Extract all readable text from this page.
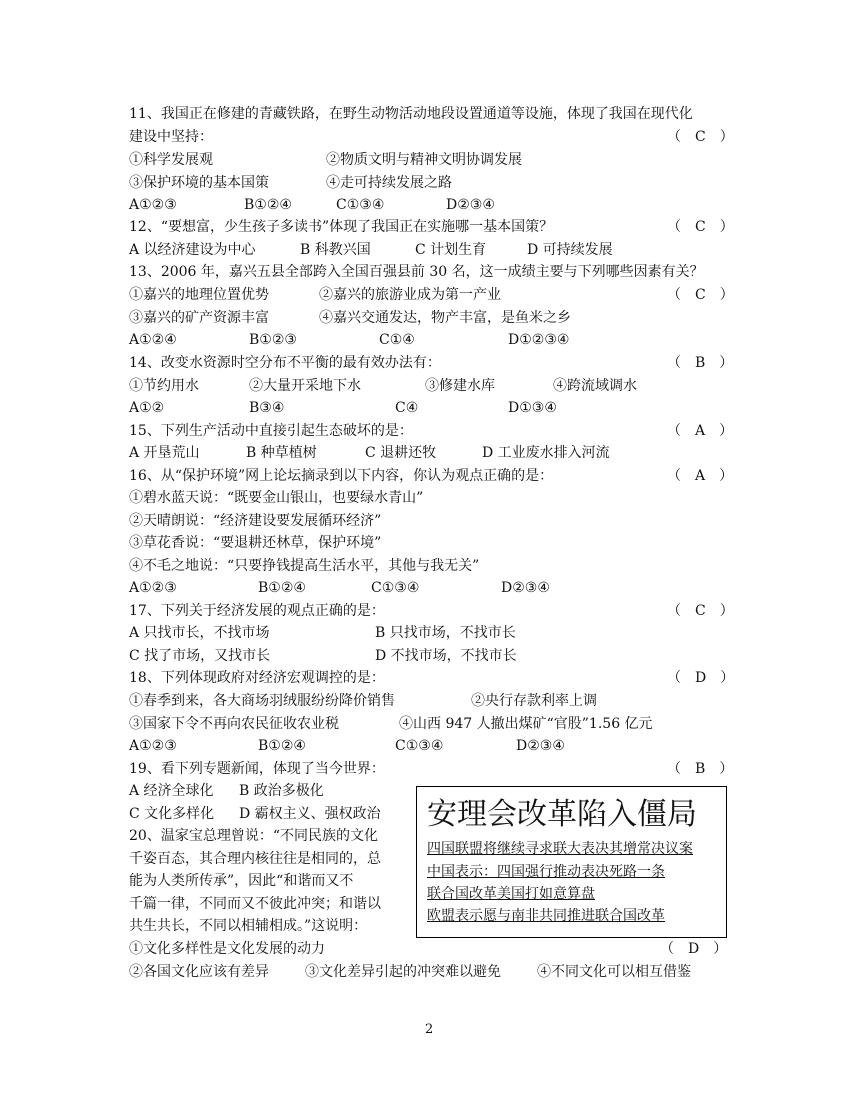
11、我国正在修建的青藏铁路，在野生动物活动地段设置通道等设施，体现了我国在现代化
建设中坚持：	（　C　）
①科学发展观	②物质文明与精神文明协调发展
③保护环境的基本国策	④走可持续发展之路
A①②③	B①②④	C①③④	D②③④
12、“要想富，少生孩子多读书”体现了我国正在实施哪一基本国策？	（　C　）
A 以经济建设为中心	B 科教兴国	C 计划生育	D 可持续发展
13、2006 年，嘉兴五县全部跨入全国百强县前 30 名，这一成绩主要与下列哪些因素有关？
①嘉兴的地理位置优势	②嘉兴的旅游业成为第一产业	（　C　）
③嘉兴的矿产资源丰富	④嘉兴交通发达，物产丰富，是鱼米之乡
A①②④	B①②③	C①④	D①②③④
14、改变水资源时空分布不平衡的最有效办法有：	（　B　）
①节约用水	②大量开采地下水	③修建水库	④跨流域调水
A①②	B③④	C④	D①③④
15、下列生产活动中直接引起生态破坏的是：	（　A　）
A 开垦荒山	B 种草植树	C 退耕还牧	D 工业废水排入河流
16、从“保护环境”网上论坛摘录到以下内容，你认为观点正确的是：	（　A　）
①碧水蓝天说：“既要金山银山，也要绿水青山”
②天晴朗说：“经济建设要发展循环经济”
③草花香说：“要退耕还林草，保护环境”
④不毛之地说：“只要挣钱提高生活水平，其他与我无关”
A①②③	B①②④	C①③④	D②③④
17、下列关于经济发展的观点正确的是：	（　C　）
A 只找市长，不找市场	B 只找市场，不找市长
C 找了市场，又找市长	D 不找市场，不找市长
18、下列体现政府对经济宏观调控的是：	（　D　）
①春季到来，各大商场羽绒服纷纷降价销售	②央行存款利率上调
③国家下令不再向农民征收农业税	④山西 947 人撤出煤矿“官股”1.56 亿元
A①②③	B①②④	C①③④	D②③④
19、看下列专题新闻，体现了当今世界：	（　B　）
A 经济全球化 B 政治多极化
C 文化多样化 D 霸权主义、强权政治
20、温家宝总理曾说：“不同民族的文化
千姿百态，其合理内核往往是相同的，总
能为人类所传承”，因此“和谐而又不
千篇一律，不同而又不彼此冲突；和谐以
共生共长，不同以相辅相成。”这说明：
①文化多样性是文化发展的动力	（　D　）
②各国文化应该有差异	③文化差异引起的冲突难以避免	④不同文化可以相互借鉴
安理会改革陷入僵局
四国联盟将继续寻求联大表决其增常决议案
中国表示：四国强行推动表决死路一条
联合国改革美国打如意算盘
欧盟表示愿与南非共同推进联合国改革
2
